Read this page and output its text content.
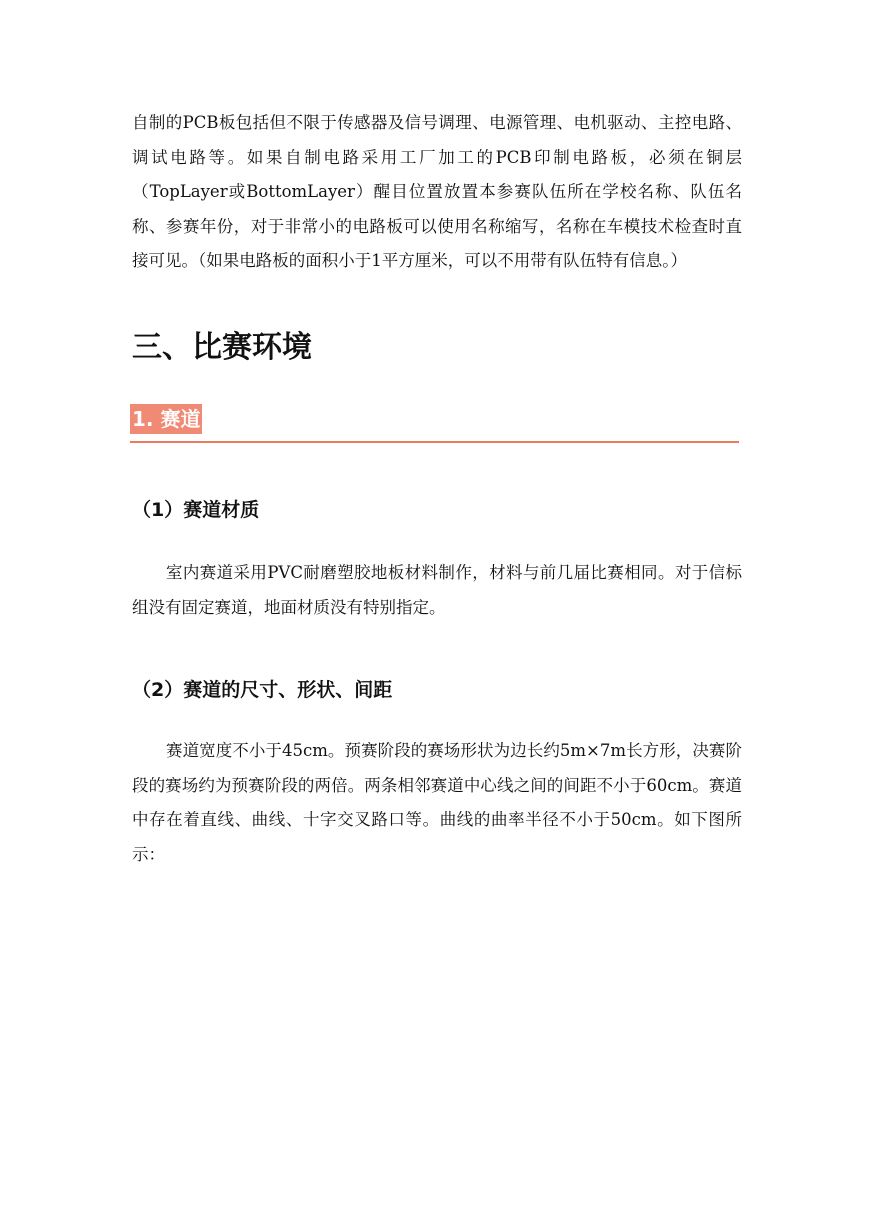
自制的PCB板包括但不限于传感器及信号调理、电源管理、电机驱动、主控电路、调试电路等。如果自制电路采用工厂加工的PCB印制电路板，必须在铜层（TopLayer或BottomLayer）醒目位置放置本参赛队伍所在学校名称、队伍名称、参赛年份，对于非常小的电路板可以使用名称缩写，名称在车模技术检查时直接可见。（如果电路板的面积小于1平方厘米，可以不用带有队伍特有信息。）

三、比赛环境
1. 赛道
（1）赛道材质

室内赛道采用PVC耐磨塑胶地板材料制作，材料与前几届比赛相同。对于信标组没有固定赛道，地面材质没有特别指定。

（2）赛道的尺寸、形状、间距

赛道宽度不小于45cm。预赛阶段的赛场形状为边长约5m×7m长方形，决赛阶段的赛场约为预赛阶段的两倍。两条相邻赛道中心线之间的间距不小于60cm。赛道中存在着直线、曲线、十字交叉路口等。曲线的曲率半径不小于50cm。如下图所示：
